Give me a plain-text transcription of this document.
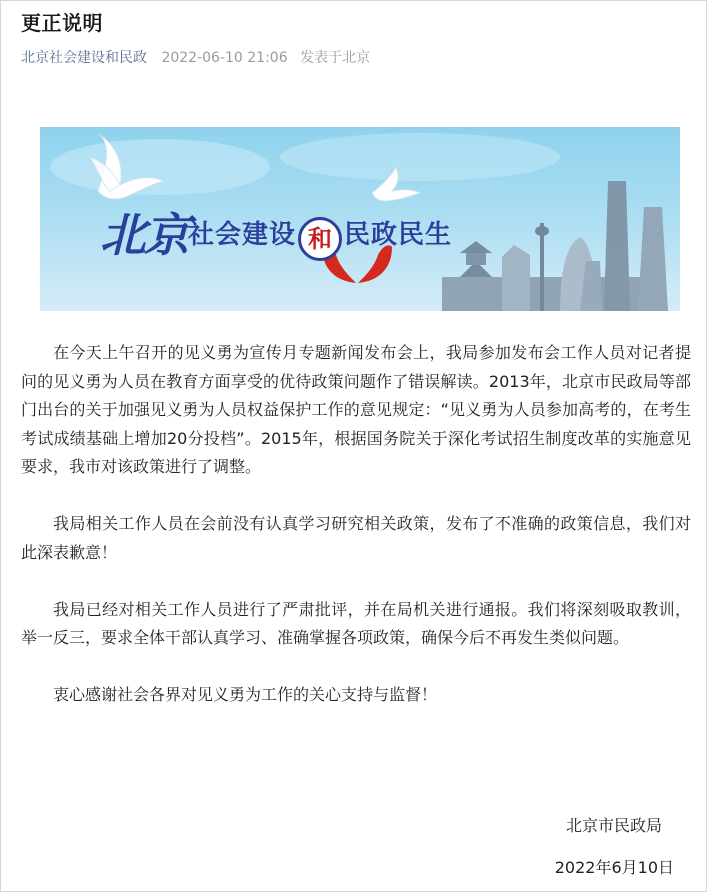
更正说明
北京社会建设和民政 2022-06-10 21:06 发表于北京
北京社会建设 和 民政民生

在今天上午召开的见义勇为宣传月专题新闻发布会上，我局参加发布会工作人员对记者提问的见义勇为人员在教育方面享受的优待政策问题作了错误解读。2013年，北京市民政局等部门出台的关于加强见义勇为人员权益保护工作的意见规定：“见义勇为人员参加高考的，在考生考试成绩基础上增加20分投档”。2015年，根据国务院关于深化考试招生制度改革的实施意见要求，我市对该政策进行了调整。

我局相关工作人员在会前没有认真学习研究相关政策，发布了不准确的政策信息，我们对此深表歉意！

我局已经对相关工作人员进行了严肃批评，并在局机关进行通报。我们将深刻吸取教训，举一反三，要求全体干部认真学习、准确掌握各项政策，确保今后不再发生类似问题。

衷心感谢社会各界对见义勇为工作的关心支持与监督！

北京市民政局
2022年6月10日
